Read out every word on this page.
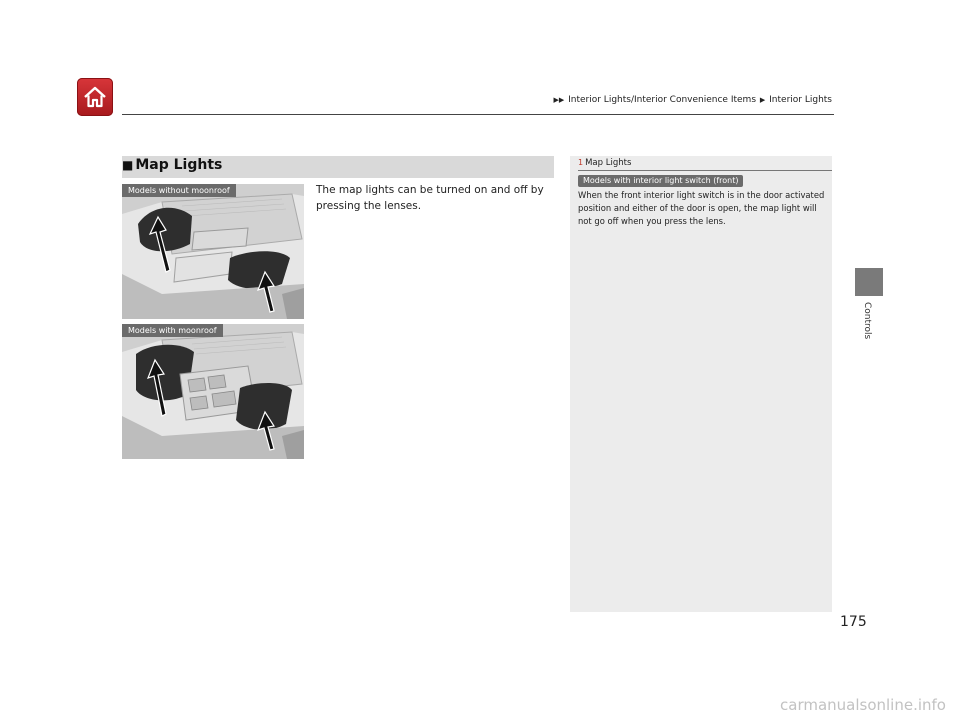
▶▶ Interior Lights/Interior Convenience Items ▶ Interior Lights
Controls
■ Map Lights
The map lights can be turned on and off by pressing the lenses.
Models without moonroof
Models with moonroof
1 Map Lights
Models with interior light switch (front)
When the front interior light switch is in the door activated position and either of the door is open, the map light will not go off when you press the lens.
175
carmanualsonline.info
